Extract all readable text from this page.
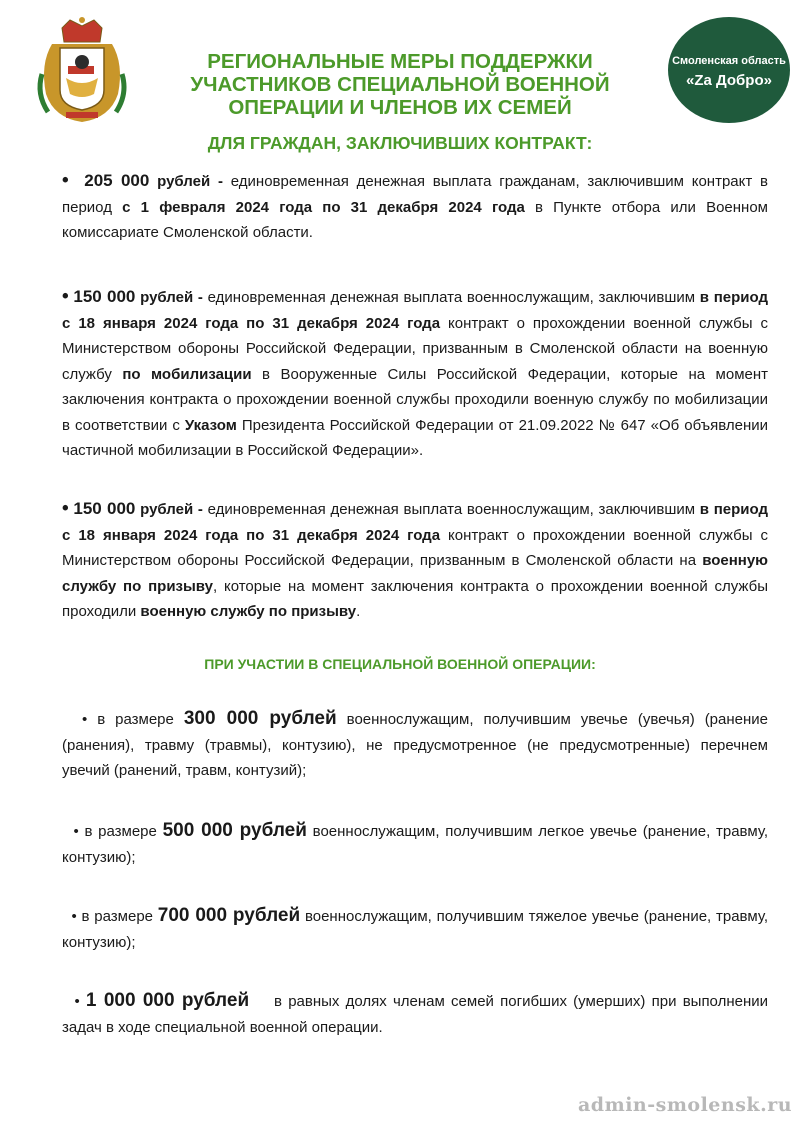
РЕГИОНАЛЬНЫЕ МЕРЫ ПОДДЕРЖКИ
УЧАСТНИКОВ СПЕЦИАЛЬНОЙ ВОЕННОЙ
ОПЕРАЦИИ И ЧЛЕНОВ ИХ СЕМЕЙ
Смоленская область
«Za Добро»
ДЛЯ ГРАЖДАН, ЗАКЛЮЧИВШИХ КОНТРАКТ:
• 205 000 рублей - единовременная денежная выплата гражданам, заключившим контракт в период с 1 февраля 2024 года по 31 декабря 2024 года в Пункте отбора или Военном комиссариате Смоленской области.
• 150 000 рублей - единовременная денежная выплата военнослужащим, заключившим в период с 18 января 2024 года по 31 декабря 2024 года контракт о прохождении военной службы с Министерством обороны Российской Федерации, призванным в Смоленской области на военную службу по мобилизации в Вооруженные Силы Российской Федерации, которые на момент заключения контракта о прохождении военной службы проходили военную службу по мобилизации в соответствии с Указом Президента Российской Федерации от 21.09.2022 № 647 «Об объявлении частичной мобилизации в Российской Федерации».
• 150 000 рублей - единовременная денежная выплата военнослужащим, заключившим в период с 18 января 2024 года по 31 декабря 2024 года контракт о прохождении военной службы с Министерством обороны Российской Федерации, призванным в Смоленской области на военную службу по призыву, которые на момент заключения контракта о прохождении военной службы проходили военную службу по призыву.
ПРИ УЧАСТИИ В СПЕЦИАЛЬНОЙ ВОЕННОЙ ОПЕРАЦИИ:
• в размере 300 000 рублей военнослужащим, получившим увечье (увечья) (ранение (ранения), травму (травмы), контузию), не предусмотренное (не предусмотренные) перечнем увечий (ранений, травм, контузий);
• в размере 500 000 рублей военнослужащим, получившим легкое увечье (ранение, травму, контузию);
• в размере 700 000 рублей военнослужащим, получившим тяжелое увечье (ранение, травму, контузию);
• 1 000 000 рублей    в равных долях членам семей погибших (умерших) при выполнении задач в ходе специальной военной операции.
admin-smolensk.ru
